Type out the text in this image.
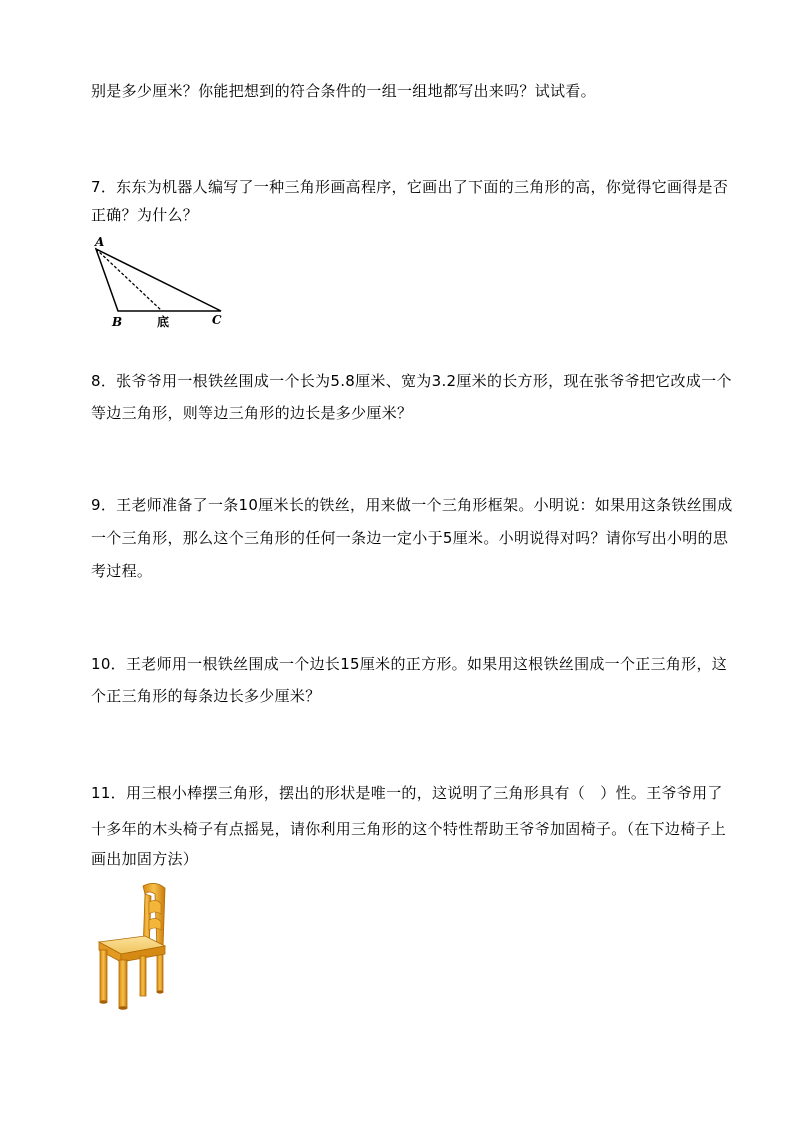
别是多少厘米？你能把想到的符合条件的一组一组地都写出来吗？试试看。
7．东东为机器人编写了一种三角形画高程序，它画出了下面的三角形的高，你觉得它画得是否
正确？为什么？
A
B	底	C
8．张爷爷用一根铁丝围成一个长为5.8厘米、宽为3.2厘米的长方形，现在张爷爷把它改成一个
等边三角形，则等边三角形的边长是多少厘米？
9．王老师准备了一条10厘米长的铁丝，用来做一个三角形框架。小明说：如果用这条铁丝围成
一个三角形，那么这个三角形的任何一条边一定小于5厘米。小明说得对吗？请你写出小明的思
考过程。
10．王老师用一根铁丝围成一个边长15厘米的正方形。如果用这根铁丝围成一个正三角形，这
个正三角形的每条边长多少厘米？
11．用三根小棒摆三角形，摆出的形状是唯一的，这说明了三角形具有（　）性。王爷爷用了
十多年的木头椅子有点摇晃，请你利用三角形的这个特性帮助王爷爷加固椅子。（在下边椅子上
画出加固方法）
